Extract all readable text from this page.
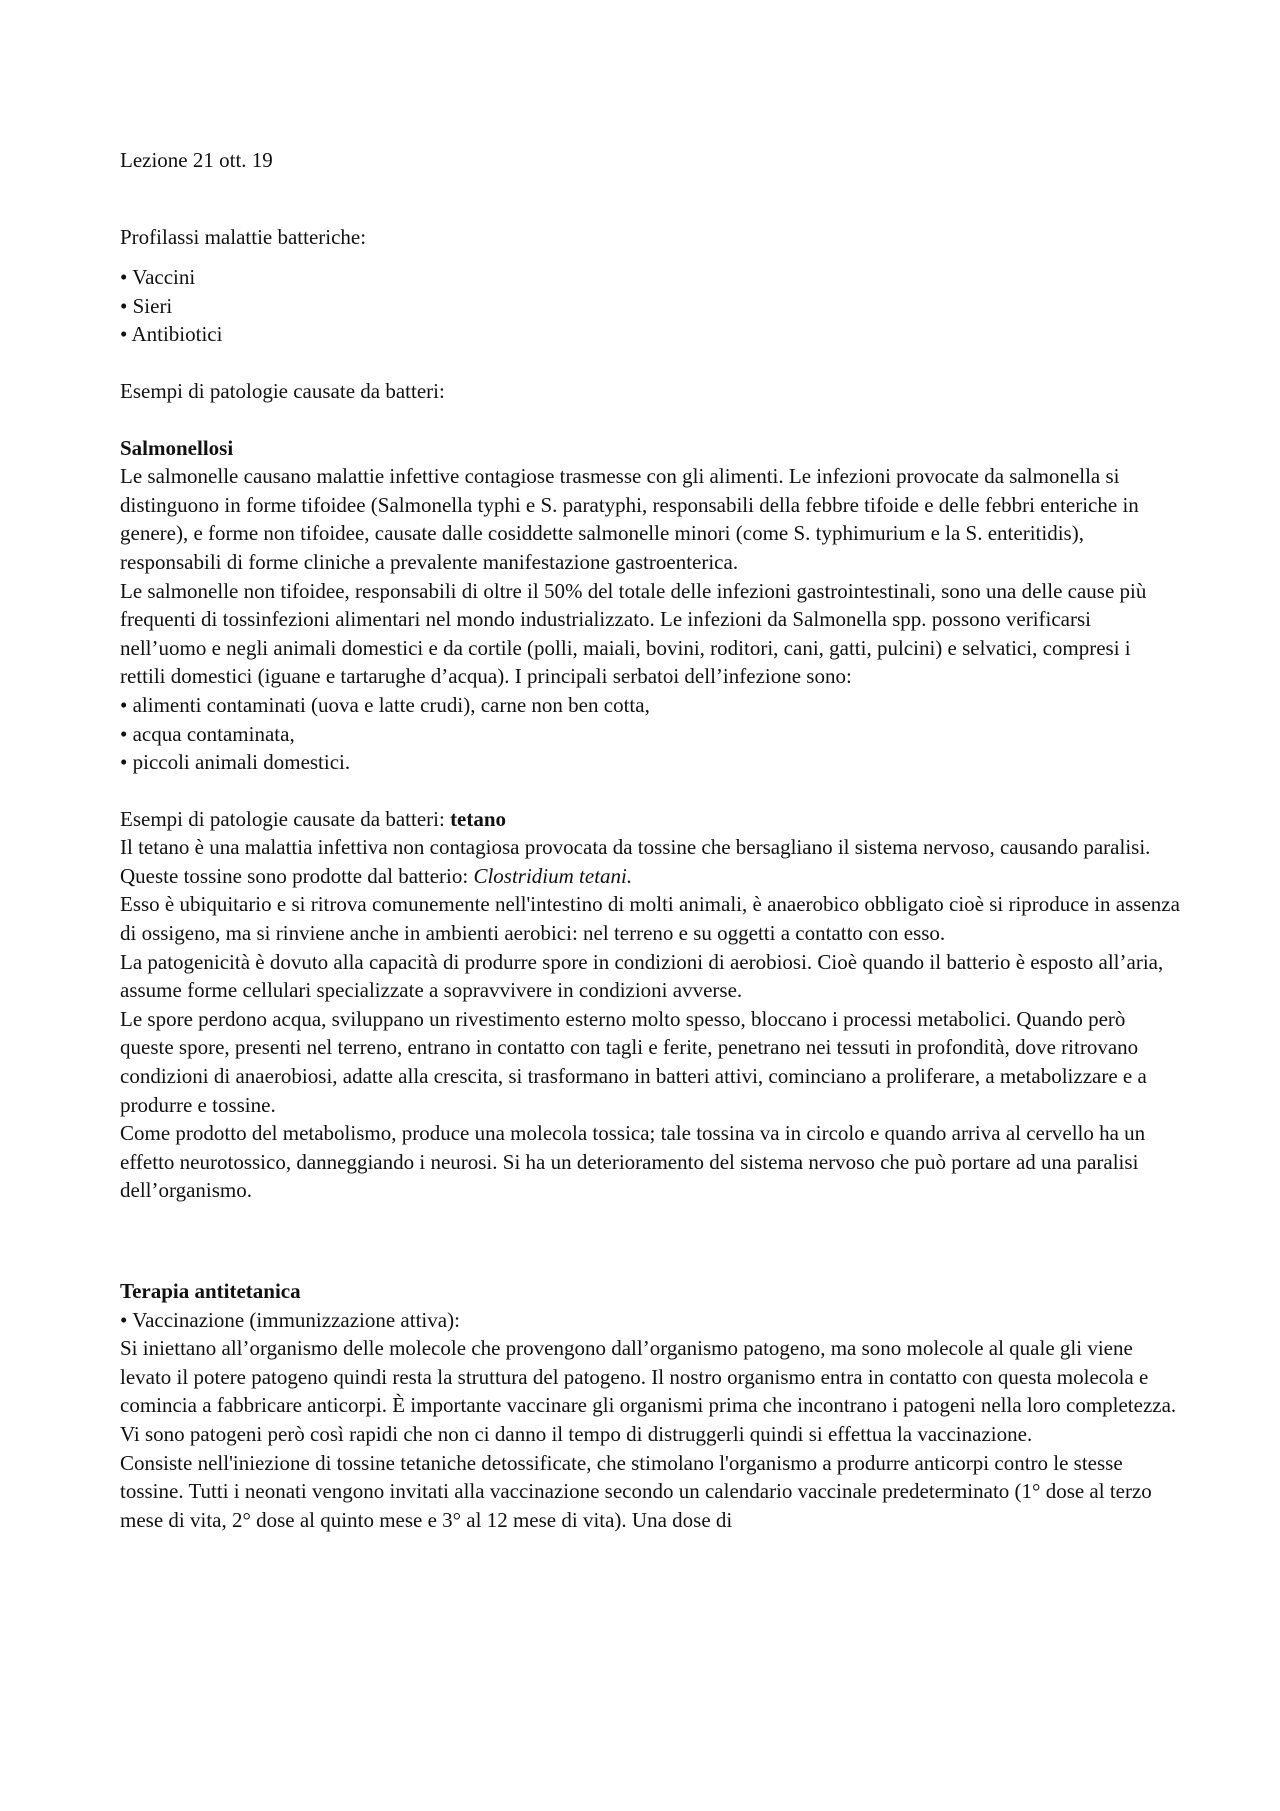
Lezione 21 ott. 19

Profilassi malattie batteriche:

• Vaccini
• Sieri
• Antibiotici

Esempi di patologie causate da batteri:

Salmonellosi

Le salmonelle causano malattie infettive contagiose trasmesse con gli alimenti. Le infezioni provocate da salmonella si distinguono in forme tifoidee (Salmonella typhi e S. paratyphi, responsabili della febbre tifoide e delle febbri enteriche in genere), e forme non tifoidee, causate dalle cosiddette salmonelle minori (come S. typhimurium e la S. enteritidis), responsabili di forme cliniche a prevalente manifestazione gastroenterica.

Le salmonelle non tifoidee, responsabili di oltre il 50% del totale delle infezioni gastrointestinali, sono una delle cause più frequenti di tossinfezioni alimentari nel mondo industrializzato. Le infezioni da Salmonella spp. possono verificarsi nell’uomo e negli animali domestici e da cortile (polli, maiali, bovini, roditori, cani, gatti, pulcini) e selvatici, compresi i rettili domestici (iguane e tartarughe d’acqua). I principali serbatoi dell’infezione sono:

• alimenti contaminati (uova e latte crudi), carne non ben cotta,
• acqua contaminata,
• piccoli animali domestici.

Esempi di patologie causate da batteri: tetano

Il tetano è una malattia infettiva non contagiosa provocata da tossine che bersagliano il sistema nervoso, causando paralisi.

Queste tossine sono prodotte dal batterio: Clostridium tetani.

Esso è ubiquitario e si ritrova comunemente nell'intestino di molti animali, è anaerobico obbligato cioè si riproduce in assenza di ossigeno, ma si rinviene anche in ambienti aerobici: nel terreno e su oggetti a contatto con esso.

La patogenicità è dovuto alla capacità di produrre spore in condizioni di aerobiosi. Cioè quando il batterio è esposto all’aria, assume forme cellulari specializzate a sopravvivere in condizioni avverse.

Le spore perdono acqua, sviluppano un rivestimento esterno molto spesso, bloccano i processi metabolici. Quando però queste spore, presenti nel terreno, entrano in contatto con tagli e ferite, penetrano nei tessuti in profondità, dove ritrovano condizioni di anaerobiosi, adatte alla crescita, si trasformano in batteri attivi, cominciano a proliferare, a metabolizzare e a produrre e tossine.

Come prodotto del metabolismo, produce una molecola tossica; tale tossina va in circolo e quando arriva al cervello ha un effetto neurotossico, danneggiando i neurosi. Si ha un deterioramento del sistema nervoso che può portare ad una paralisi dell’organismo.

Terapia antitetanica

• Vaccinazione (immunizzazione attiva):

Si iniettano all’organismo delle molecole che provengono dall’organismo patogeno, ma sono molecole al quale gli viene levato il potere patogeno quindi resta la struttura del patogeno. Il nostro organismo entra in contatto con questa molecola e comincia a fabbricare anticorpi. È importante vaccinare gli organismi prima che incontrano i patogeni nella loro completezza. Vi sono patogeni però così rapidi che non ci danno il tempo di distruggerli quindi si effettua la vaccinazione.

Consiste nell'iniezione di tossine tetaniche detossificate, che stimolano l'organismo a produrre anticorpi contro le stesse tossine. Tutti i neonati vengono invitati alla vaccinazione secondo un calendario vaccinale predeterminato (1° dose al terzo mese di vita, 2° dose al quinto mese e 3° al 12 mese di vita). Una dose di
